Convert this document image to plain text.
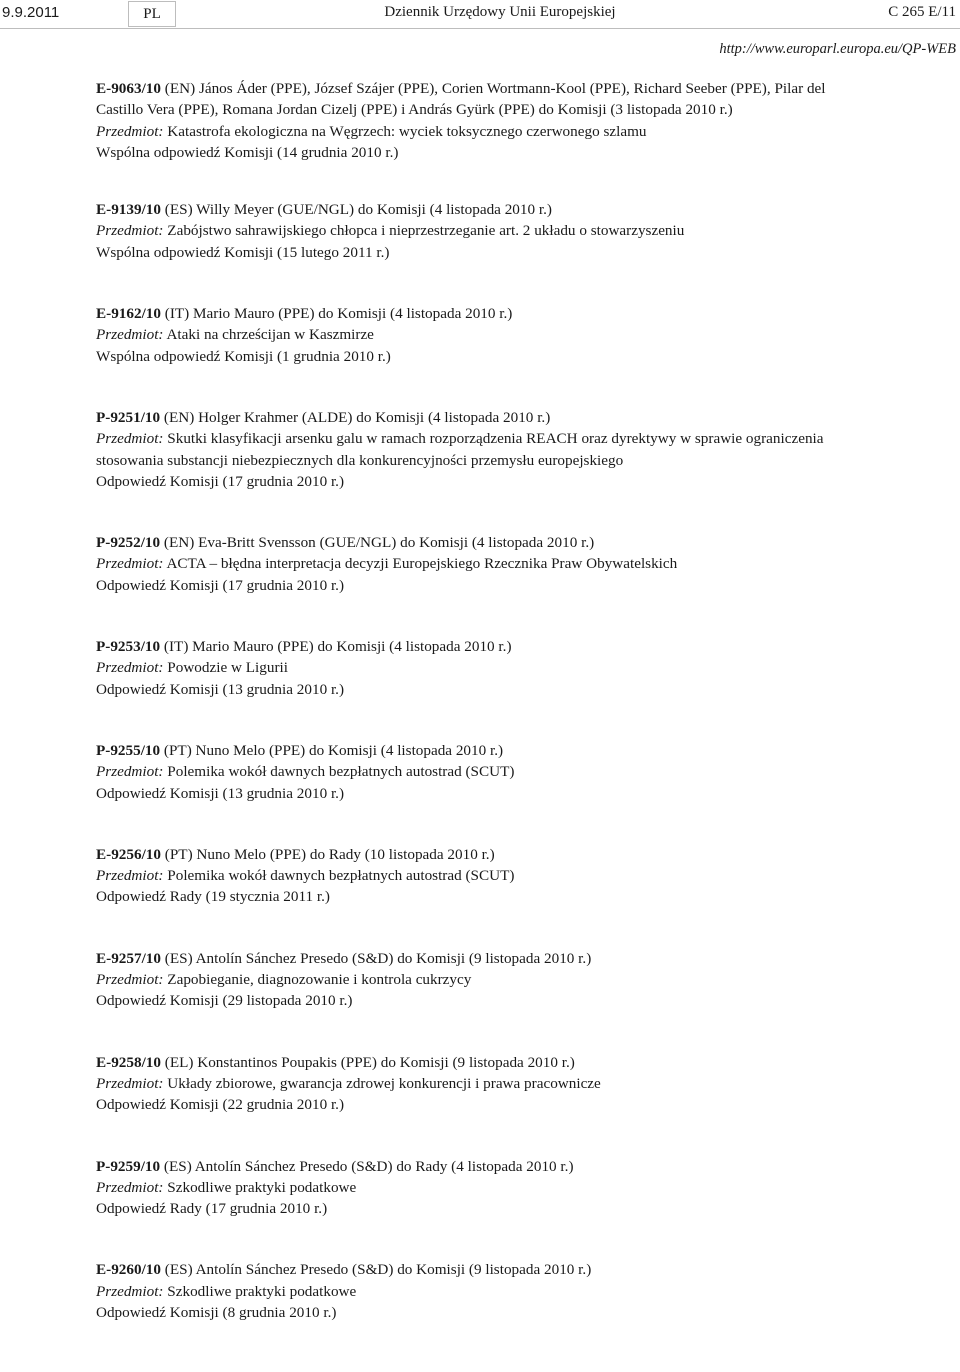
9.9.2011	PL	Dziennik Urzędowy Unii Europejskiej	C 265 E/11
http://www.europarl.europa.eu/QP-WEB

E-9063/10 (EN) János Áder (PPE), József Szájer (PPE), Corien Wortmann-Kool (PPE), Richard Seeber (PPE), Pilar del Castillo Vera (PPE), Romana Jordan Cizelj (PPE) i András Gyürk (PPE) do Komisji (3 listopada 2010 r.)

Przedmiot: Katastrofa ekologiczna na Węgrzech: wyciek toksycznego czerwonego szlamu

Wspólna odpowiedź Komisji (14 grudnia 2010 r.)

E-9139/10 (ES) Willy Meyer (GUE/NGL) do Komisji (4 listopada 2010 r.)

Przedmiot: Zabójstwo sahrawijskiego chłopca i nieprzestrzeganie art. 2 układu o stowarzyszeniu

Wspólna odpowiedź Komisji (15 lutego 2011 r.)

E-9162/10 (IT) Mario Mauro (PPE) do Komisji (4 listopada 2010 r.)

Przedmiot: Ataki na chrześcijan w Kaszmirze

Wspólna odpowiedź Komisji (1 grudnia 2010 r.)

P-9251/10 (EN) Holger Krahmer (ALDE) do Komisji (4 listopada 2010 r.)

Przedmiot: Skutki klasyfikacji arsenku galu w ramach rozporządzenia REACH oraz dyrektywy w sprawie ograniczenia stosowania substancji niebezpiecznych dla konkurencyjności przemysłu europejskiego

Odpowiedź Komisji (17 grudnia 2010 r.)

P-9252/10 (EN) Eva-Britt Svensson (GUE/NGL) do Komisji (4 listopada 2010 r.)

Przedmiot: ACTA – błędna interpretacja decyzji Europejskiego Rzecznika Praw Obywatelskich

Odpowiedź Komisji (17 grudnia 2010 r.)

P-9253/10 (IT) Mario Mauro (PPE) do Komisji (4 listopada 2010 r.)

Przedmiot: Powodzie w Ligurii

Odpowiedź Komisji (13 grudnia 2010 r.)

P-9255/10 (PT) Nuno Melo (PPE) do Komisji (4 listopada 2010 r.)

Przedmiot: Polemika wokół dawnych bezpłatnych autostrad (SCUT)

Odpowiedź Komisji (13 grudnia 2010 r.)

E-9256/10 (PT) Nuno Melo (PPE) do Rady (10 listopada 2010 r.)

Przedmiot: Polemika wokół dawnych bezpłatnych autostrad (SCUT)

Odpowiedź Rady (19 stycznia 2011 r.)

E-9257/10 (ES) Antolín Sánchez Presedo (S&D) do Komisji (9 listopada 2010 r.)

Przedmiot: Zapobieganie, diagnozowanie i kontrola cukrzycy

Odpowiedź Komisji (29 listopada 2010 r.)

E-9258/10 (EL) Konstantinos Poupakis (PPE) do Komisji (9 listopada 2010 r.)

Przedmiot: Układy zbiorowe, gwarancja zdrowej konkurencji i prawa pracownicze

Odpowiedź Komisji (22 grudnia 2010 r.)

P-9259/10 (ES) Antolín Sánchez Presedo (S&D) do Rady (4 listopada 2010 r.)

Przedmiot: Szkodliwe praktyki podatkowe

Odpowiedź Rady (17 grudnia 2010 r.)

E-9260/10 (ES) Antolín Sánchez Presedo (S&D) do Komisji (9 listopada 2010 r.)

Przedmiot: Szkodliwe praktyki podatkowe

Odpowiedź Komisji (8 grudnia 2010 r.)
